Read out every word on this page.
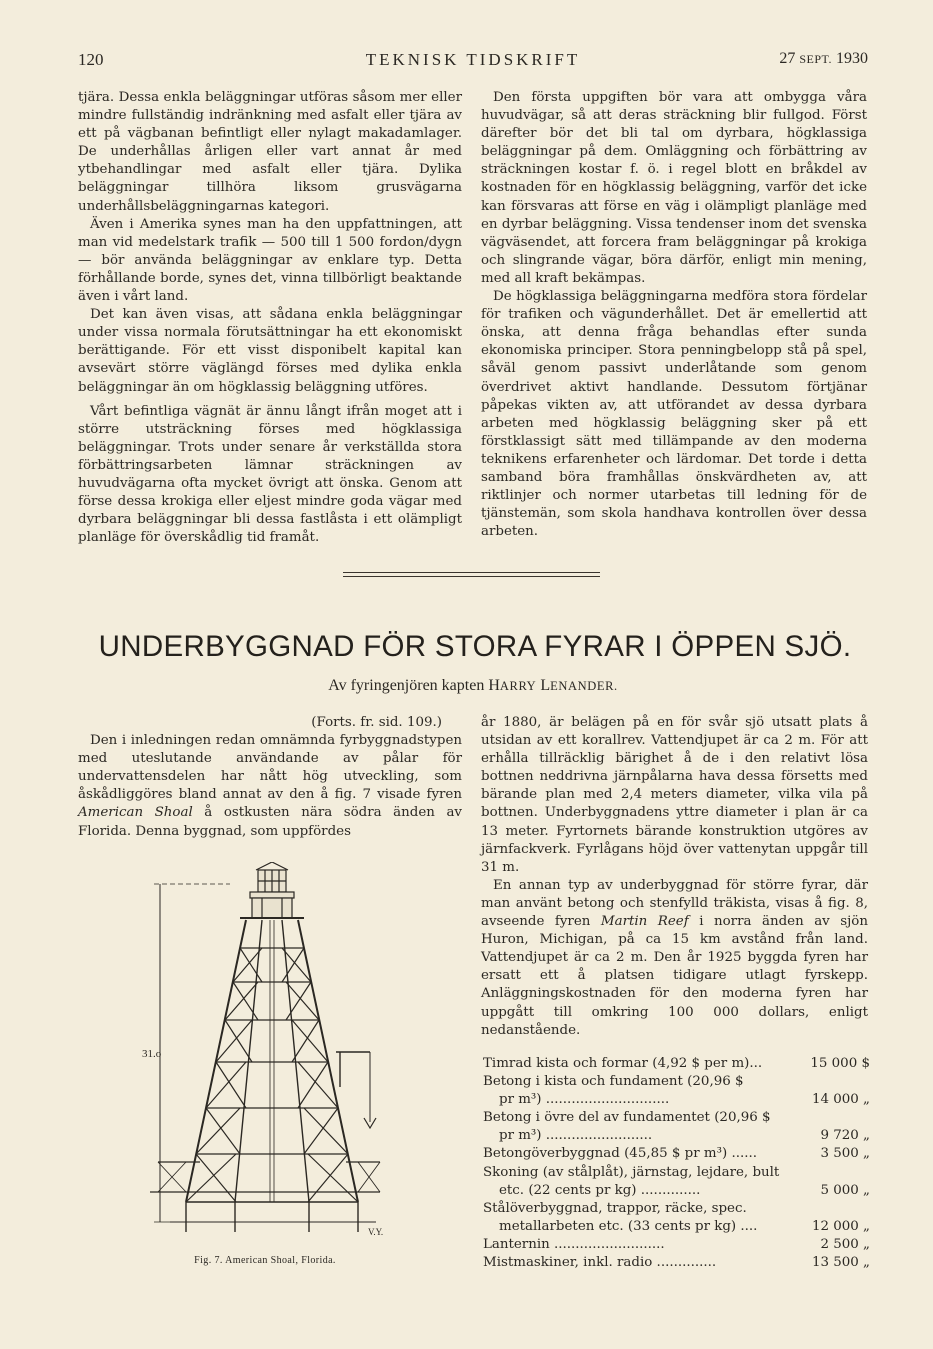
120	TEKNISK TIDSKRIFT	27 SEPT. 1930

tjära. Dessa enkla beläggningar utföras såsom mer eller mindre fullständig indränkning med asfalt eller tjära av ett på vägbanan befintligt eller nylagt makadamlager. De underhållas årligen eller vart annat år med ytbehandlingar med asfalt eller tjära. Dylika beläggningar tillhöra liksom grusvägarna underhållsbeläggningarnas kategori.

Även i Amerika synes man ha den uppfattningen, att man vid medelstark trafik — 500 till 1 500 fordon/dygn — bör använda beläggningar av enklare typ. Detta förhållande borde, synes det, vinna tillbörligt beaktande även i vårt land.

Det kan även visas, att sådana enkla beläggningar under vissa normala förutsättningar ha ett ekonomiskt berättigande. För ett visst disponibelt kapital kan avsevärt större väglängd förses med dylika enkla beläggningar än om högklassig beläggning utföres.

Vårt befintliga vägnät är ännu långt ifrån moget att i större utsträckning förses med högklassiga beläggningar. Trots under senare år verkställda stora förbättringsarbeten lämnar sträckningen av huvudvägarna ofta mycket övrigt att önska. Genom att förse dessa krokiga eller eljest mindre goda vägar med dyrbara beläggningar bli dessa fastlåsta i ett olämpligt planläge för överskådlig tid framåt.

Den första uppgiften bör vara att ombygga våra huvudvägar, så att deras sträckning blir fullgod. Först därefter bör det bli tal om dyrbara, högklassiga beläggningar på dem. Omläggning och förbättring av sträckningen kostar f. ö. i regel blott en bråkdel av kostnaden för en högklassig beläggning, varför det icke kan försvaras att förse en väg i olämpligt planläge med en dyrbar beläggning. Vissa tendenser inom det svenska vägväsendet, att forcera fram beläggningar på krokiga och slingrande vägar, böra därför, enligt min mening, med all kraft bekämpas.

De högklassiga beläggningarna medföra stora fördelar för trafiken och vägunderhållet. Det är emellertid att önska, att denna fråga behandlas efter sunda ekonomiska principer. Stora penningbelopp stå på spel, såväl genom passivt underlåtande som genom överdrivet aktivt handlande. Dessutom förtjänar påpekas vikten av, att utförandet av dessa dyrbara arbeten med högklassig beläggning sker på ett förstklassigt sätt med tillämpande av den moderna teknikens erfarenheter och lärdomar. Det torde i detta samband böra framhållas önskvärdheten av, att riktlinjer och normer utarbetas till ledning för de tjänstemän, som skola handhava kontrollen över dessa arbeten.

UNDERBYGGNAD FÖR STORA FYRAR I ÖPPEN SJÖ.
Av fyringenjören kapten HARRY LENANDER.

(Forts. fr. sid. 109.)

Den i inledningen redan omnämnda fyrbyggnadstypen med uteslutande användande av pålar för undervattensdelen har nått hög utveckling, som åskådliggöres bland annat av den å fig. 7 visade fyren American Shoal å ostkusten nära södra änden av Florida. Denna byggnad, som uppfördes

år 1880, är belägen på en för svår sjö utsatt plats å utsidan av ett korallrev. Vattendjupet är ca 2 m. För att erhålla tillräcklig bärighet å de i den relativt lösa bottnen neddrivna järnpålarna hava dessa försetts med bärande plan med 2,4 meters diameter, vilka vila på bottnen. Underbyggnadens yttre diameter i plan är ca 13 meter. Fyrtornets bärande konstruktion utgöres av järnfackverk. Fyrlågans höjd över vattenytan uppgår till 31 m.

En annan typ av underbyggnad för större fyrar, där man använt betong och stenfylld träkista, visas å fig. 8, avseende fyren Martin Reef i norra änden av sjön Huron, Michigan, på ca 15 km avstånd från land. Vattendjupet är ca 2 m. Den år 1925 byggda fyren har ersatt ett å platsen tidigare utlagt fyrskepp. Anläggningskostnaden för den moderna fyren har uppgått till omkring 100 000 dollars, enligt nedanstående.

31.o
V.Y.
Fig. 7. American Shoal, Florida.
Timrad kista och formar (4,92 $ per m)...	15 000 $
Betong i kista och fundament (20,96 $
pr m³) .............................	14 000 „
Betong i övre del av fundamentet (20,96 $
pr m³) .........................	9 720 „
Betongöverbyggnad (45,85 $ pr m³) ......	3 500 „
Skoning (av stålplåt), järnstag, lejdare, bult
etc. (22 cents pr kg) ..............	5 000 „
Stålöverbyggnad, trappor, räcke, spec.
metallarbeten etc. (33 cents pr kg) ....	12 000 „
Lanternin ..........................	2 500 „
Mistmaskiner, inkl. radio ..............	13 500 „
